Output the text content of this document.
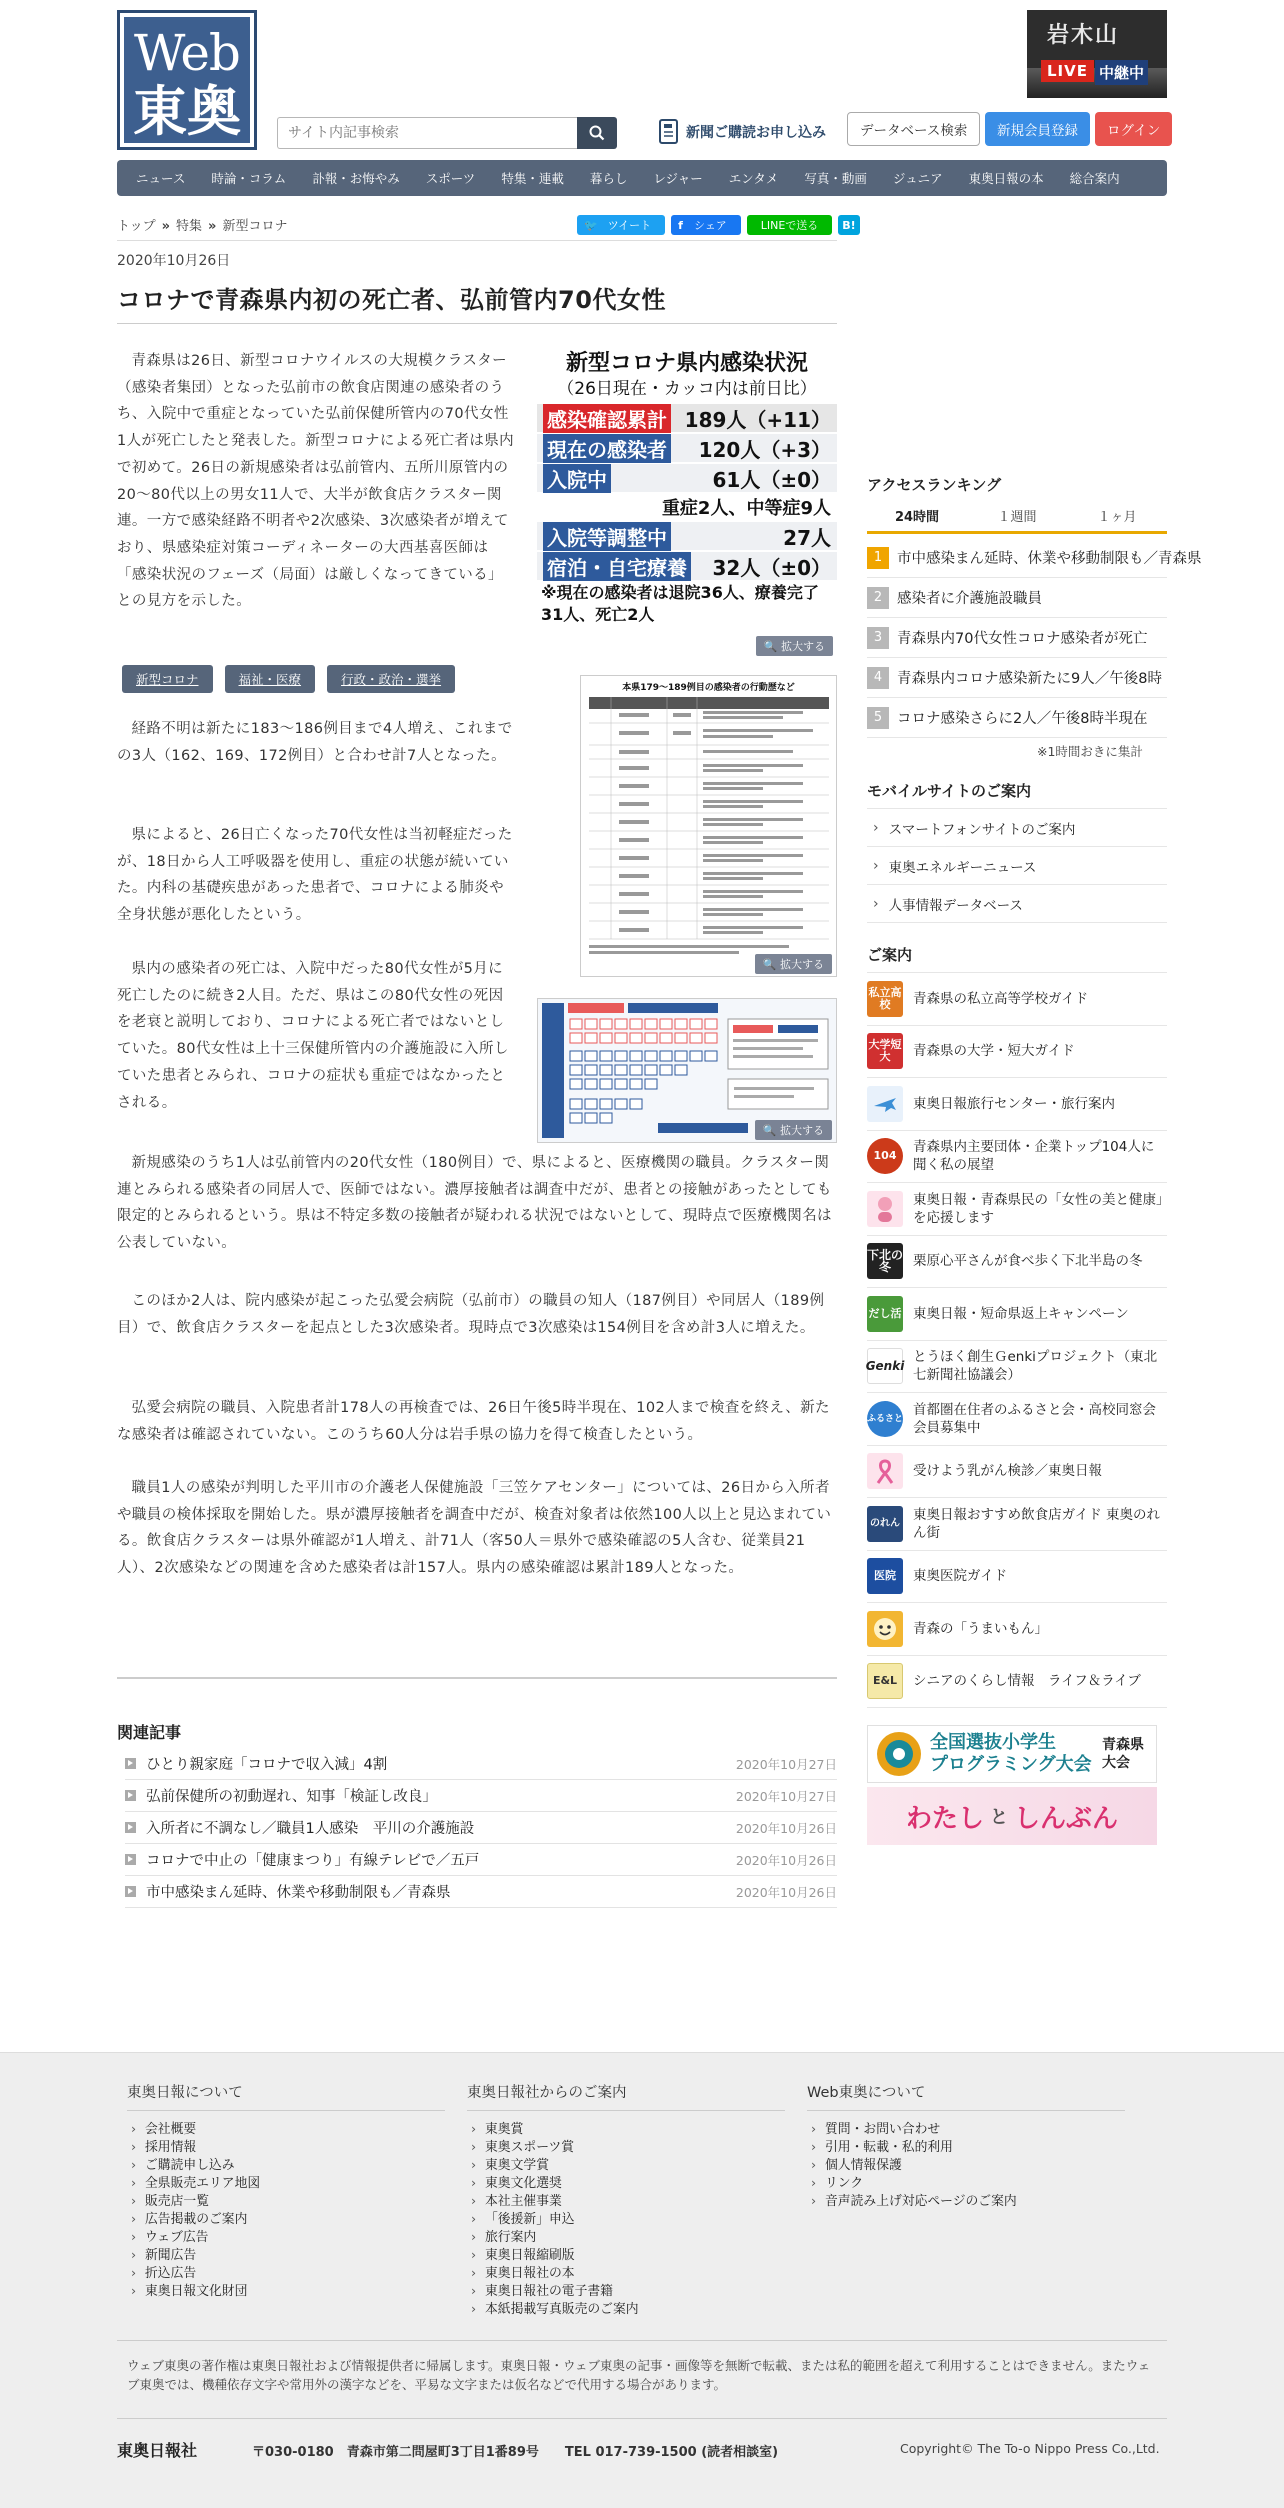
Web
東奥
サイト内記事検索	新聞ご購読お申し込み	データベース検索	新規会員登録	ログイン
岩木山
LIVE 中継中
ニュース	時論・コラム	訃報・お悔やみ	スポーツ	特集・連載	暮らし	レジャー	エンタメ	写真・動画	ジュニア	東奥日報の本	総合案内
トップ » 特集 » 新型コロナ	🐦 ツイート	f	シェア	LINEで送る	B!
2020年10月26日
コロナで青森県内初の死亡者、弘前管内70代女性

青森県は26日、新型コロナウイルスの大規模クラスター（感染者集団）となった弘前市の飲食店関連の感染者のうち、入院中で重症となっていた弘前保健所管内の70代女性1人が死亡したと発表した。新型コロナによる死亡者は県内で初めて。26日の新規感染者は弘前管内、五所川原管内の20～80代以上の男女11人で、大半が飲食店クラスター関連。一方で感染経路不明者や2次感染、3次感染者が増えており、県感染症対策コーディネーターの大西基喜医師は「感染状況のフェーズ（局面）は厳しくなってきている」との見方を示した。

新型コロナ	福祉・医療	行政・政治・選挙

経路不明は新たに183～186例目まで4人増え、これまでの3人（162、169、172例目）と合わせ計7人となった。

県によると、26日亡くなった70代女性は当初軽症だったが、18日から人工呼吸器を使用し、重症の状態が続いていた。内科の基礎疾患があった患者で、コロナによる肺炎や全身状態が悪化したという。

県内の感染者の死亡は、入院中だった80代女性が5月に死亡したのに続き2人目。ただ、県はこの80代女性の死因を老衰と説明しており、コロナによる死亡者ではないとしていた。80代女性は上十三保健所管内の介護施設に入所していた患者とみられ、コロナの症状も重症ではなかったとされる。

新規感染のうち1人は弘前管内の20代女性（180例目）で、県によると、医療機関の職員。クラスター関連とみられる感染者の同居人で、医師ではない。濃厚接触者は調査中だが、患者との接触があったとしても限定的とみられるという。県は不特定多数の接触者が疑われる状況ではないとして、現時点で医療機関名は公表していない。

このほか2人は、院内感染が起こった弘愛会病院（弘前市）の職員の知人（187例目）や同居人（189例目）で、飲食店クラスターを起点とした3次感染者。現時点で3次感染は154例目を含め計3人に増えた。

弘愛会病院の職員、入院患者計178人の再検査では、26日午後5時半現在、102人まで検査を終え、新たな感染者は確認されていない。このうち60人分は岩手県の協力を得て検査したという。

職員1人の感染が判明した平川市の介護老人保健施設「三笠ケアセンター」については、26日から入所者や職員の検体採取を開始した。県が濃厚接触者を調査中だが、検査対象者は依然100人以上と見込まれている。飲食店クラスターは県外確認が1人増え、計71人（客50人＝県外で感染確認の5人含む、従業員21人）、2次感染などの関連を含めた感染者は計157人。県内の感染確認は累計189人となった。

新型コロナ県内感染状況
（26日現在・カッコ内は前日比）
感染確認累計 189人（+11）
現在の感染者 120人（+3）
入院中	61人（±0）
重症2人、中等症9人
入院等調整中	27人
宿泊・自宅療養 32人（±0）
※現在の感染者は退院36人、療養完了31人、死亡2人
🔍 拡大する
本県179～189例目の感染者の行動歴など
🔍 拡大する
🔍 拡大する
関連記事
ひとり親家庭「コロナで収入減」4割	2020年10月27日
弘前保健所の初動遅れ、知事「検証し改良」	2020年10月27日
入所者に不調なし／職員1人感染　平川の介護施設	2020年10月26日
コロナで中止の「健康まつり」有線テレビで／五戸	2020年10月26日
市中感染まん延時、休業や移動制限も／青森県	2020年10月26日
アクセスランキング
24時間	１週間	１ヶ月
1	市中感染まん延時、休業や移動制限も／青森県
2	感染者に介護施設職員
3	青森県内70代女性コロナ感染者が死亡
4	青森県内コロナ感染新たに9人／午後8時
5	コロナ感染さらに2人／午後8時半現在
※1時間おきに集計
モバイルサイトのご案内
› スマートフォンサイトのご案内
› 東奥エネルギーニュース
› 人事情報データベース
ご案内
私立高校	青森県の私立高等学校ガイド
大学短大	青森県の大学・短大ガイド
東奥日報旅行センター・旅行案内
104
青森県内主要団体・企業トップ104人に聞く私の展望
東奥日報・青森県民の「女性の美と健康」を応援します
下北の冬	栗原心平さんが食べ歩く下北半島の冬
だし活 東奥日報・短命県返上キャンペーン
Genki
とうほく創生Ｇenkiプロジェクト（東北七新聞社協議会）
ふるさと
首都圏在住者のふるさと会・高校同窓会　会員募集中
受けよう乳がん検診／東奥日報
のれん
東奥日報おすすめ飲食店ガイド 東奥のれん街
医院	東奥医院ガイド
青森の「うまいもん」
E&L	シニアのくらし情報　ライフ＆ライブ
全国選抜小学生
プログラミング大会
青森県大会
わたし と しんぶん
東奥日報について
› 会社概要
› 採用情報
› ご購読申し込み
› 全県販売エリア地図
› 販売店一覧
› 広告掲載のご案内
› ウェブ広告
› 新聞広告
› 折込広告
› 東奥日報文化財団
東奥日報社からのご案内
› 東奥賞
› 東奥スポーツ賞
› 東奥文学賞
› 東奥文化選奨
› 本社主催事業
› 「後援新」申込
› 旅行案内
› 東奥日報縮刷版
› 東奥日報社の本
› 東奥日報社の電子書籍
› 本紙掲載写真販売のご案内
Web東奥について
› 質問・お問い合わせ
› 引用・転載・私的利用
› 個人情報保護
› リンク
› 音声読み上げ対応ページのご案内

ウェブ東奥の著作権は東奥日報社および情報提供者に帰属します。東奥日報・ウェブ東奥の記事・画像等を無断で転載、または私的範囲を超えて利用することはできません。またウェブ東奥では、機種依存文字や常用外の漢字などを、平易な文字または仮名などで代用する場合があります。

東奥日報社	〒030-0180　青森市第二問屋町3丁目1番89号　　TEL 017-739-1500 (読者相談室)	Copyright© The To-o Nippo Press Co.,Ltd.
